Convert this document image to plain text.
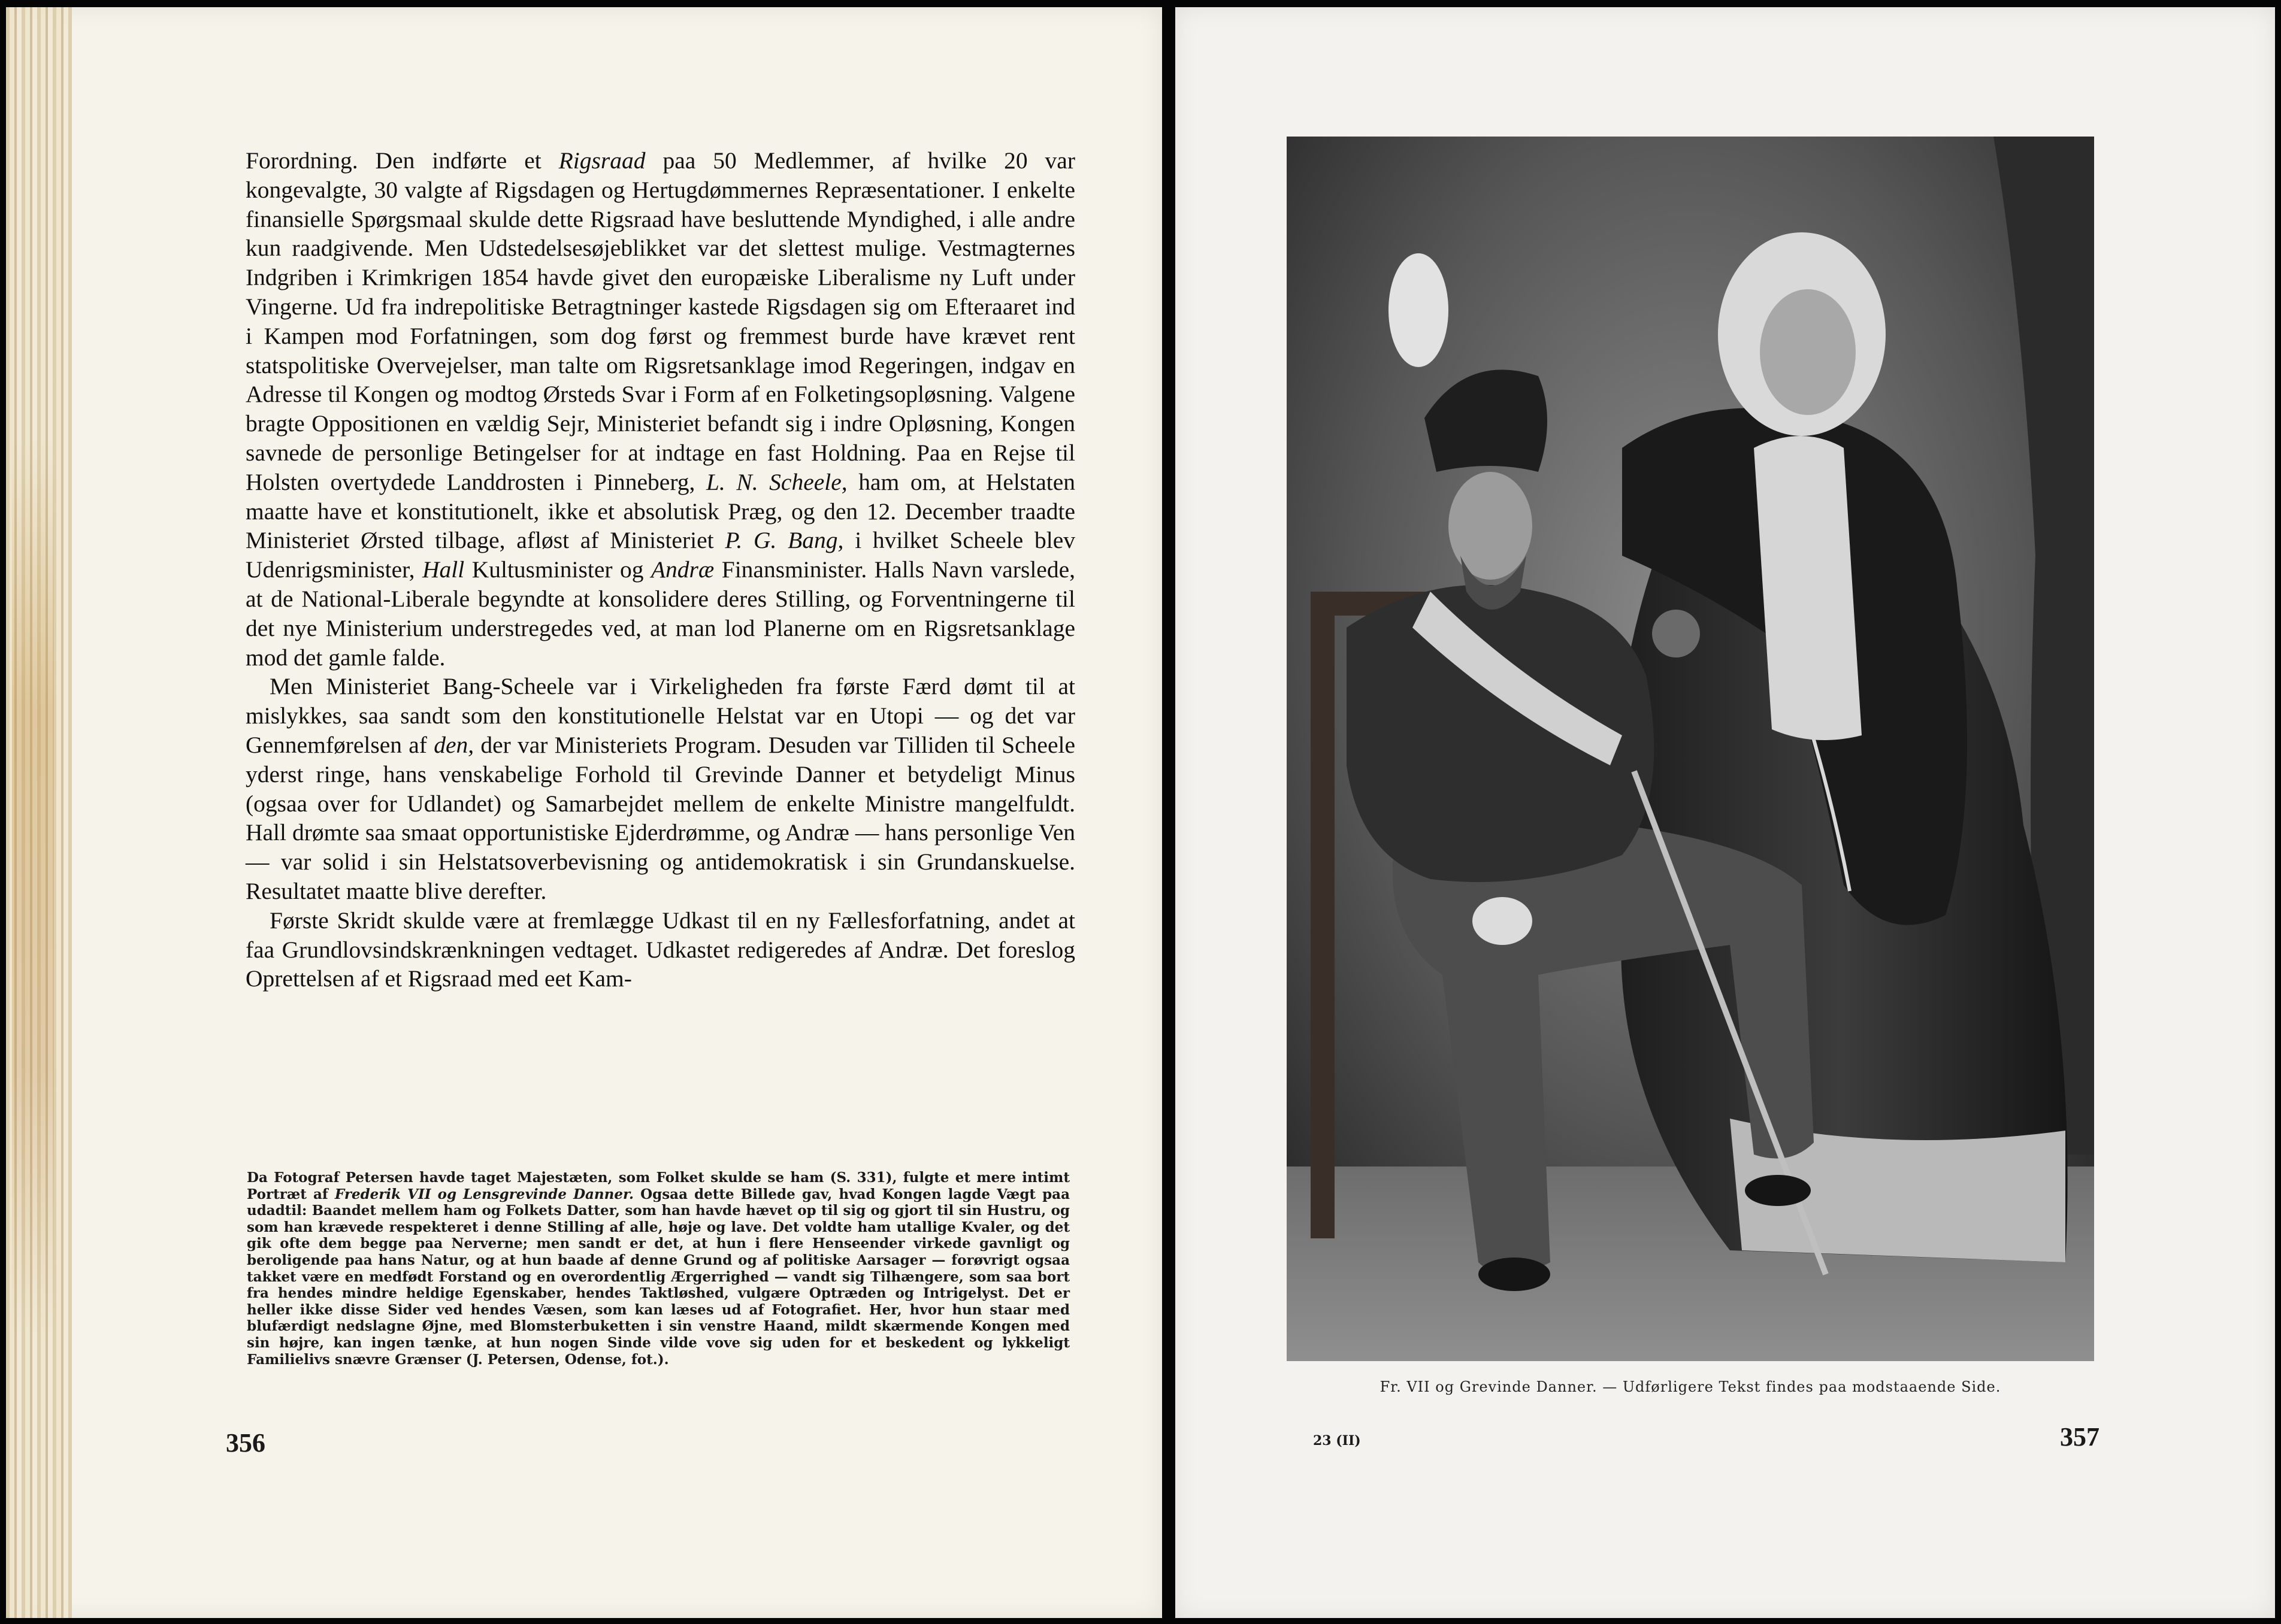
Forordning. Den indførte et Rigsraad paa 50 Medlemmer, af hvilke 20 var kongevalgte, 30 valgte af Rigsdagen og Hertugdømmernes Repræsentationer. I enkelte finansielle Spørgsmaal skulde dette Rigsraad have besluttende Myndighed, i alle andre kun raadgivende. Men Udstedelsesøjeblikket var det slettest mulige. Vestmagternes Indgriben i Krimkrigen 1854 havde givet den europæiske Liberalisme ny Luft under Vingerne. Ud fra indrepolitiske Betragtninger kastede Rigsdagen sig om Efteraaret ind i Kampen mod Forfatningen, som dog først og fremmest burde have krævet rent statspolitiske Overvejelser, man talte om Rigsretsanklage imod Regeringen, indgav en Adresse til Kongen og modtog Ørsteds Svar i Form af en Folketingsopløsning. Valgene bragte Oppositionen en vældig Sejr, Ministeriet befandt sig i indre Opløsning, Kongen savnede de personlige Betingelser for at indtage en fast Holdning. Paa en Rejse til Holsten overtydede Landdrosten i Pinneberg, L. N. Scheele, ham om, at Helstaten maatte have et konstitutionelt, ikke et absolutisk Præg, og den 12. December traadte Ministeriet Ørsted tilbage, afløst af Ministeriet P. G. Bang, i hvilket Scheele blev Udenrigsminister, Hall Kultusminister og Andræ Finansminister. Halls Navn varslede, at de National-Liberale begyndte at konsolidere deres Stilling, og Forventningerne til det nye Ministerium understregedes ved, at man lod Planerne om en Rigsretsanklage mod det gamle falde.

Men Ministeriet Bang-Scheele var i Virkeligheden fra første Færd dømt til at mislykkes, saa sandt som den konstitutionelle Helstat var en Utopi — og det var Gennemførelsen af den, der var Ministeriets Program. Desuden var Tilliden til Scheele yderst ringe, hans venskabelige Forhold til Grevinde Danner et betydeligt Minus (ogsaa over for Udlandet) og Samarbejdet mellem de enkelte Ministre mangelfuldt. Hall drømte saa smaat opportunistiske Ejderdrømme, og Andræ — hans personlige Ven — var solid i sin Helstatsoverbevisning og antidemokratisk i sin Grundanskuelse. Resultatet maatte blive derefter.

Første Skridt skulde være at fremlægge Udkast til en ny Fællesforfatning, andet at faa Grundlovsindskrænkningen vedtaget. Udkastet redigeredes af Andræ. Det foreslog Oprettelsen af et Rigsraad med eet Kam-

Da Fotograf Petersen havde taget Majestæten, som Folket skulde se ham (S. 331), fulgte et mere intimt Portræt af Frederik VII og Lensgrevinde Danner. Ogsaa dette Billede gav, hvad Kongen lagde Vægt paa udadtil: Baandet mellem ham og Folkets Datter, som han havde hævet op til sig og gjort til sin Hustru, og som han krævede respekteret i denne Stilling af alle, høje og lave. Det voldte ham utallige Kvaler, og det gik ofte dem begge paa Nerverne; men sandt er det, at hun i flere Henseender virkede gavnligt og beroligende paa hans Natur, og at hun baade af denne Grund og af politiske Aarsager — forøvrigt ogsaa takket være en medfødt Forstand og en overordentlig Ærgerrighed — vandt sig Tilhængere, som saa bort fra hendes mindre heldige Egenskaber, hendes Taktløshed, vulgære Optræden og Intrigelyst. Det er heller ikke disse Sider ved hendes Væsen, som kan læses ud af Fotografiet. Her, hvor hun staar med blufærdigt nedslagne Øjne, med Blomsterbuketten i sin venstre Haand, mildt skærmende Kongen med sin højre, kan ingen tænke, at hun nogen Sinde vilde vove sig uden for et beskedent og lykkeligt Familielivs snævre Grænser (J. Petersen, Odense, fot.).

356
Fr. VII og Grevinde Danner. — Udførligere Tekst findes paa modstaaende Side.
23 (II)	357
